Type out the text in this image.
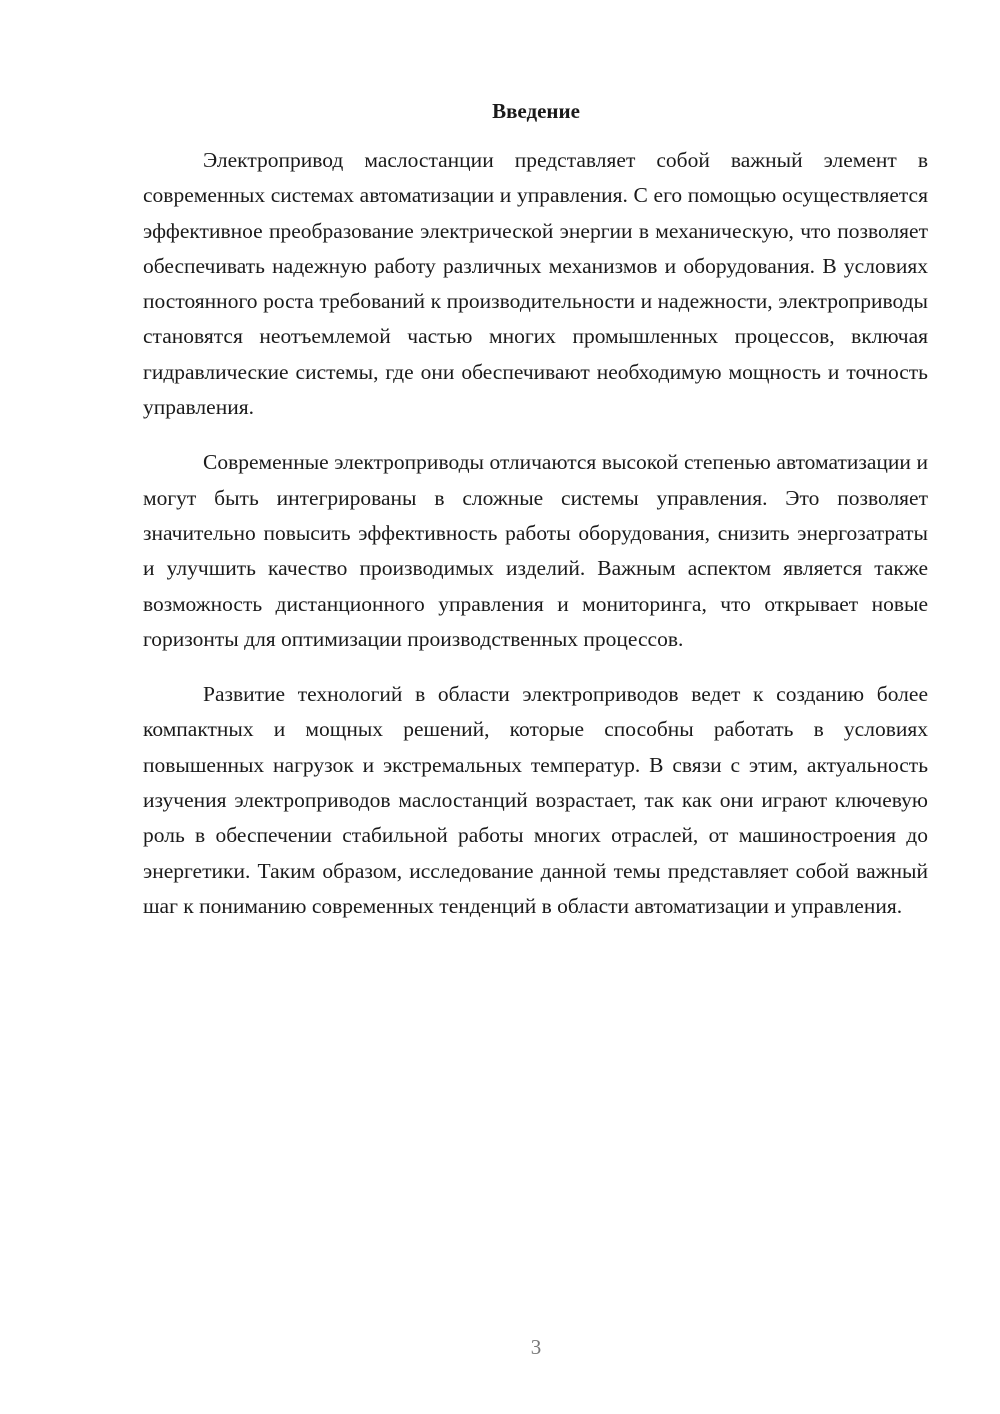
Введение

Электропривод маслостанции представляет собой важный элемент в современных системах автоматизации и управления. С его помощью осуществляется эффективное преобразование электрической энергии в механическую, что позволяет обеспечивать надежную работу различных механизмов и оборудования. В условиях постоянного роста требований к производительности и надежности, электроприводы становятся неотъемлемой частью многих промышленных процессов, включая гидравлические системы, где они обеспечивают необходимую мощность и точность управления.

Современные электроприводы отличаются высокой степенью автоматизации и могут быть интегрированы в сложные системы управления. Это позволяет значительно повысить эффективность работы оборудования, снизить энергозатраты и улучшить качество производимых изделий. Важным аспектом является также возможность дистанционного управления и мониторинга, что открывает новые горизонты для оптимизации производственных процессов.

Развитие технологий в области электроприводов ведет к созданию более компактных и мощных решений, которые способны работать в условиях повышенных нагрузок и экстремальных температур. В связи с этим, актуальность изучения электроприводов маслостанций возрастает, так как они играют ключевую роль в обеспечении стабильной работы многих отраслей, от машиностроения до энергетики. Таким образом, исследование данной темы представляет собой важный шаг к пониманию современных тенденций в области автоматизации и управления.

3
